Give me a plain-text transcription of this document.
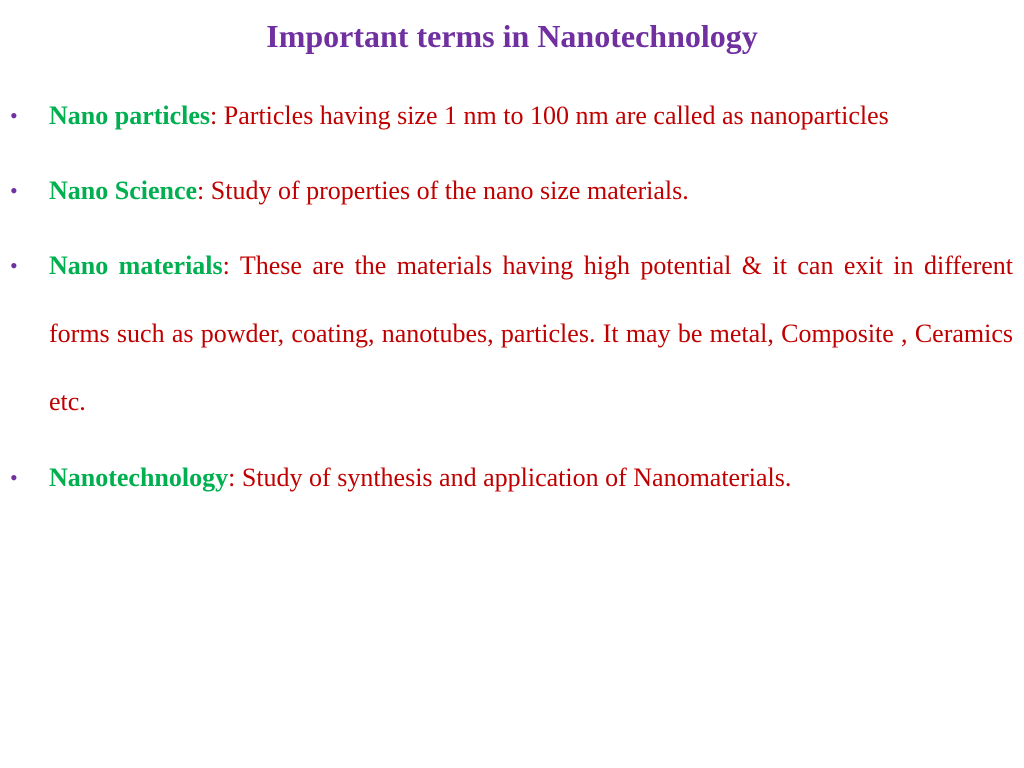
Important terms in Nanotechnology
• Nano particles: Particles having size 1 nm to 100 nm are called as nanoparticles

• Nano Science: Study of properties of the nano size materials.

• Nano materials: These are the materials having high potential & it can exit in different forms such as powder, coating, nanotubes, particles. It may be metal, Composite , Ceramics etc.

• Nanotechnology: Study of synthesis and application of Nanomaterials.
